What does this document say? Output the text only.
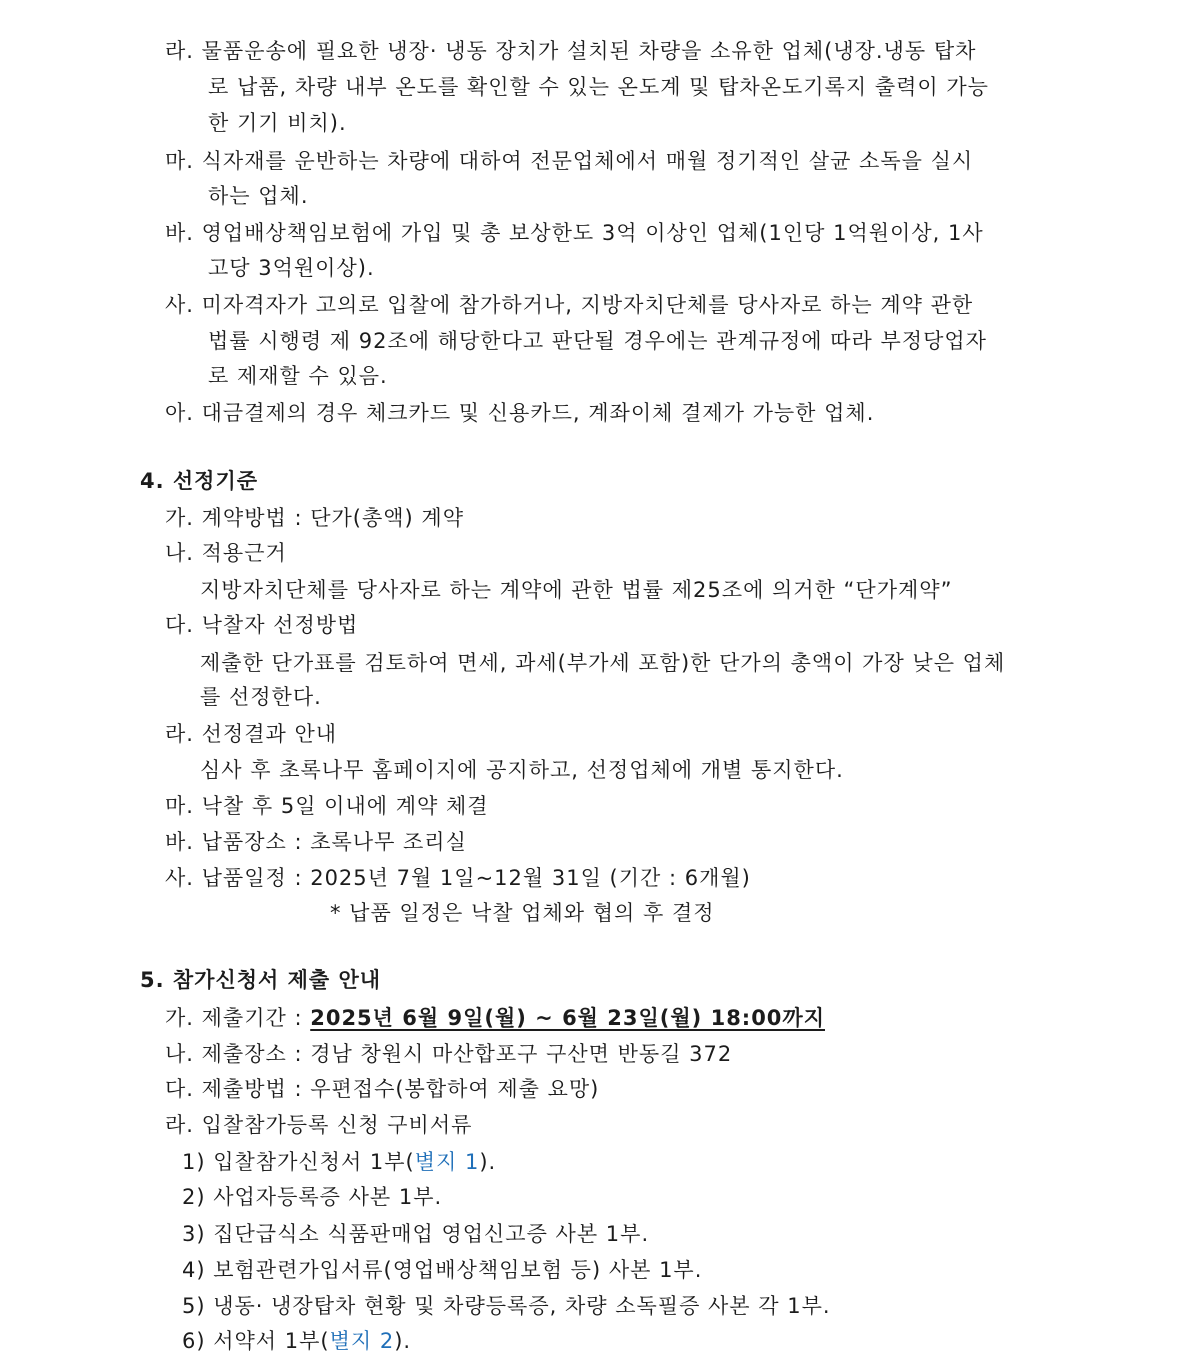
라. 물품운송에 필요한 냉장· 냉동 장치가 설치된 차량을 소유한 업체(냉장.냉동 탑차
로 납품, 차량 내부 온도를 확인할 수 있는 온도계 및 탑차온도기록지 출력이 가능
한 기기 비치).
마. 식자재를 운반하는 차량에 대하여 전문업체에서 매월 정기적인 살균 소독을 실시
하는 업체.
바. 영업배상책임보험에 가입 및 총 보상한도 3억 이상인 업체(1인당 1억원이상, 1사
고당 3억원이상).
사. 미자격자가 고의로 입찰에 참가하거나, 지방자치단체를 당사자로 하는 계약 관한
법률 시행령 제 92조에 해당한다고 판단될 경우에는 관계규정에 따라 부정당업자
로 제재할 수 있음.
아. 대금결제의 경우 체크카드 및 신용카드, 계좌이체 결제가 가능한 업체.
4. 선정기준
가. 계약방법 : 단가(총액) 계약
나. 적용근거
지방자치단체를 당사자로 하는 계약에 관한 법률 제25조에 의거한 “단가계약”
다. 낙찰자 선정방법
제출한 단가표를 검토하여 면세, 과세(부가세 포함)한 단가의 총액이 가장 낮은 업체
를 선정한다.
라. 선정결과 안내
심사 후 초록나무 홈페이지에 공지하고, 선정업체에 개별 통지한다.
마. 낙찰 후 5일 이내에 계약 체결
바. 납품장소 : 초록나무 조리실
사. 납품일정 : 2025년 7월 1일~12월 31일 (기간 : 6개월)
* 납품 일정은 낙찰 업체와 협의 후 결정
5. 참가신청서 제출 안내
가. 제출기간 : 2025년 6월 9일(월) ~ 6월 23일(월) 18:00까지
나. 제출장소 : 경남 창원시 마산합포구 구산면 반동길 372
다. 제출방법 : 우편접수(봉합하여 제출 요망)
라. 입찰참가등록 신청 구비서류
1) 입찰참가신청서 1부(별지 1).
2) 사업자등록증 사본 1부.
3) 집단급식소 식품판매업 영업신고증 사본 1부.
4) 보험관련가입서류(영업배상책임보험 등) 사본 1부.
5) 냉동· 냉장탑차 현황 및 차량등록증, 차량 소독필증 사본 각 1부.
6) 서약서 1부(별지 2).
